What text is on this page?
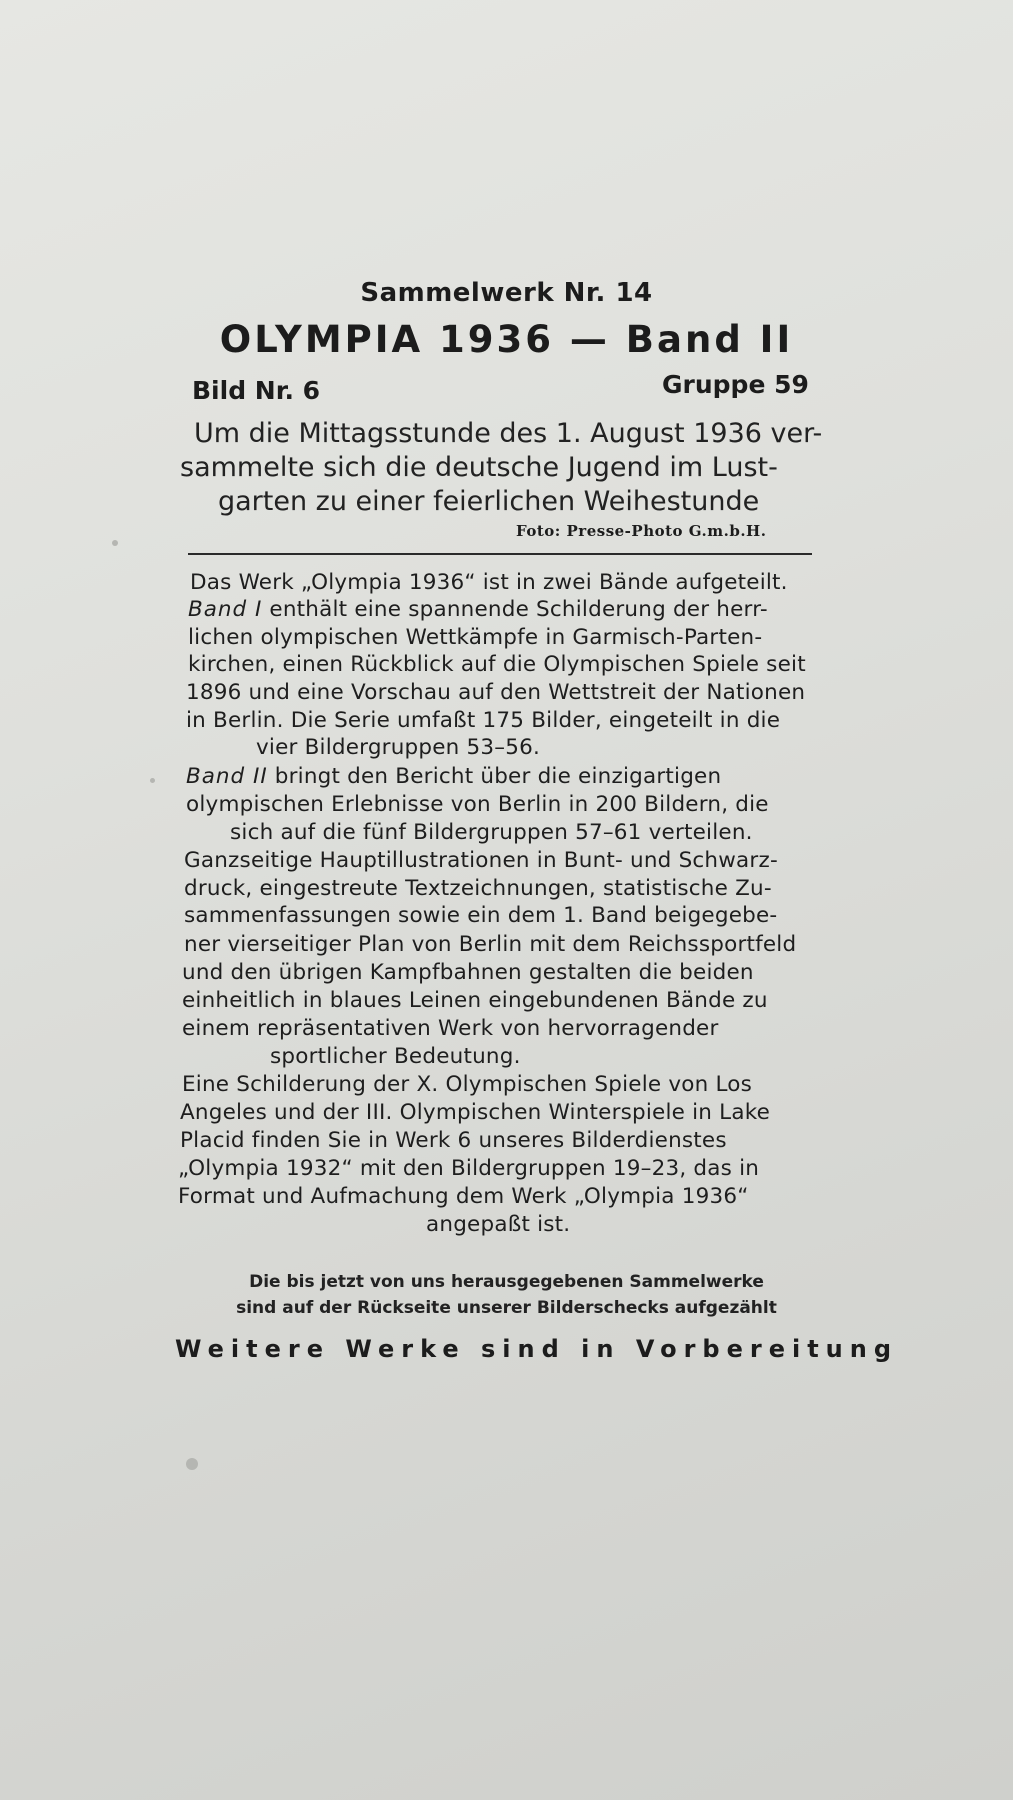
Sammelwerk Nr. 14

OLYMPIA 1936 — Band II

Bild Nr. 6	Gruppe 59

Um die Mittagsstunde des 1. August 1936 ver-

sammelte sich die deutsche Jugend im Lust-

garten zu einer feierlichen Weihestunde

Foto: Presse-Photo G.m.b.H.

Das Werk „Olympia 1936“ ist in zwei Bände aufgeteilt.

Band I enthält eine spannende Schilderung der herr-

lichen olympischen Wettkämpfe in Garmisch-Parten-

kirchen, einen Rückblick auf die Olympischen Spiele seit

1896 und eine Vorschau auf den Wettstreit der Nationen

in Berlin. Die Serie umfaßt 175 Bilder, eingeteilt in die

vier Bildergruppen 53–56.

Band II bringt den Bericht über die einzigartigen

olympischen Erlebnisse von Berlin in 200 Bildern, die

sich auf die fünf Bildergruppen 57–61 verteilen.

Ganzseitige Hauptillustrationen in Bunt- und Schwarz-

druck, eingestreute Textzeichnungen, statistische Zu-

sammenfassungen sowie ein dem 1. Band beigegebe-

ner vierseitiger Plan von Berlin mit dem Reichssportfeld

und den übrigen Kampfbahnen gestalten die beiden

einheitlich in blaues Leinen eingebundenen Bände zu

einem repräsentativen Werk von hervorragender

sportlicher Bedeutung.

Eine Schilderung der X. Olympischen Spiele von Los

Angeles und der III. Olympischen Winterspiele in Lake

Placid finden Sie in Werk 6 unseres Bilderdienstes

„Olympia 1932“ mit den Bildergruppen 19–23, das in

Format und Aufmachung dem Werk „Olympia 1936“

angepaßt ist.

Die bis jetzt von uns herausgegebenen Sammelwerke

sind auf der Rückseite unserer Bilderschecks aufgezählt

Weitere Werke sind in Vorbereitung
